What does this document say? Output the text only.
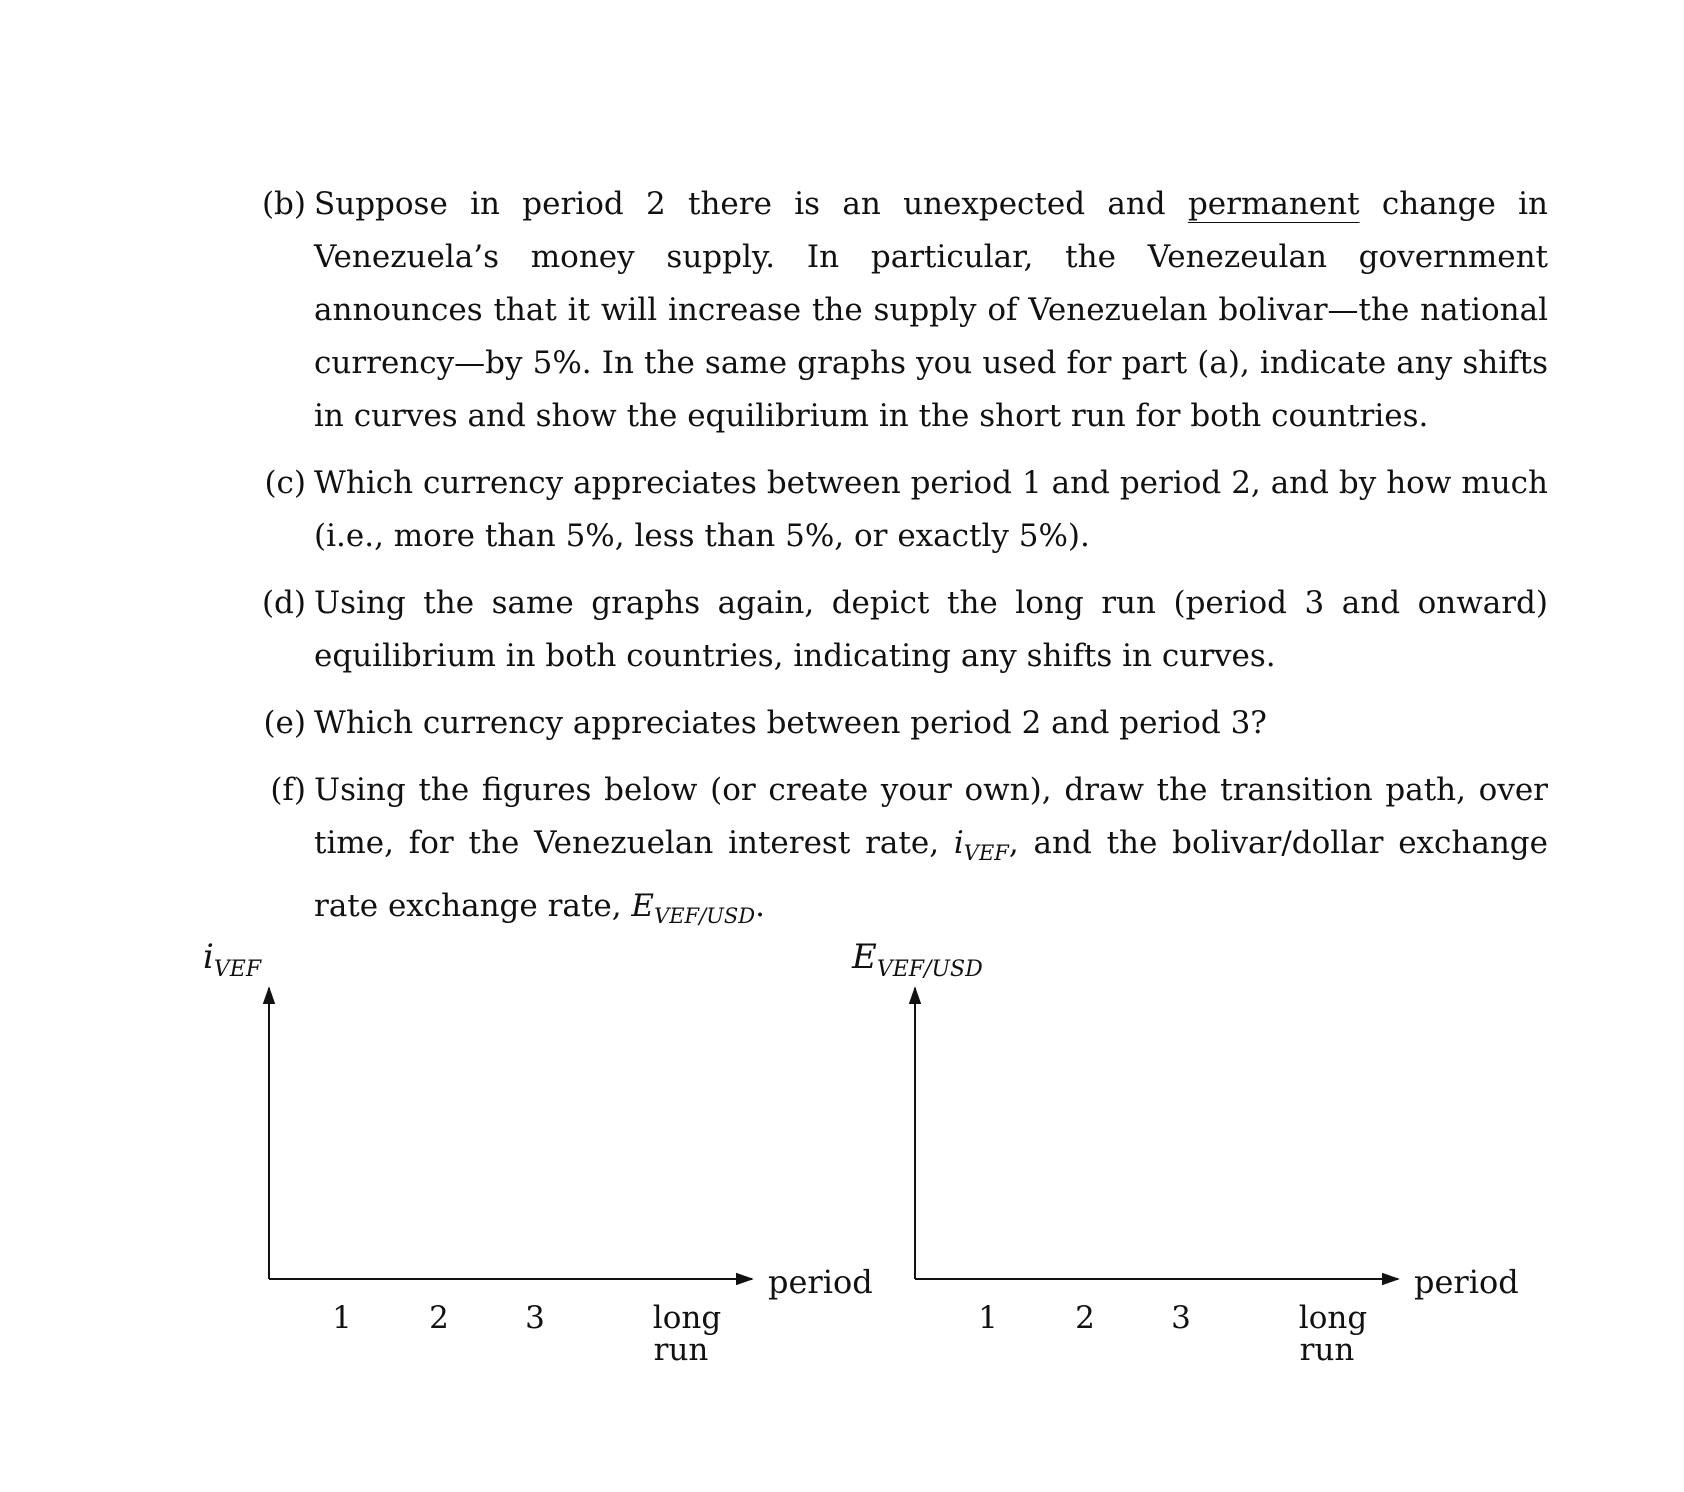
(b) Suppose in period 2 there is an unexpected and permanent change in Venezuela’s money supply. In particular, the Venezeulan government announces that it will increase the supply of Venezuelan bolivar—the national currency—by 5%. In the same graphs you used for part (a), indicate any shifts in curves and show the equilibrium in the short run for both countries.
(c) Which currency appreciates between period 1 and period 2, and by how much (i.e., more than 5%, less than 5%, or exactly 5%).
(d) Using the same graphs again, depict the long run (period 3 and onward) equilibrium in both countries, indicating any shifts in curves.
(e) Which currency appreciates between period 2 and period 3?
(f) Using the figures below (or create your own), draw the transition path, over time, for the Venezuelan interest rate, $i_{VEF}$, and the bolivar/dollar exchange rate exchange rate, $E_{VEF/USD}$.
$i_{VEF}$
period
1 2 3	long
run
$E_{VEF/USD}$
period
1 2 3	long
run
